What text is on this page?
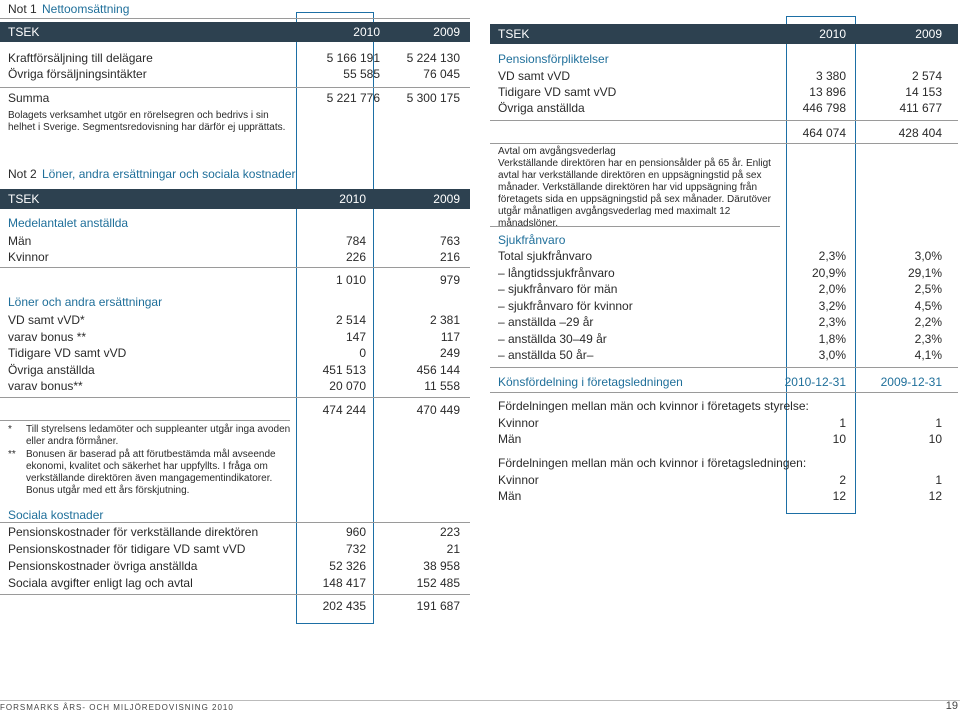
Not 1 Nettoomsättning
TSEK	2010	2009
Kraftförsäljning till delägare	5 166 191	5 224 130
Övriga försäljningsintäkter	55 585	76 045
Summa	5 221 776	5 300 175
Bolagets verksamhet utgör en rörelsegren och bedrivs i sin
helhet i Sverige. Segmentsredovisning har därför ej upprättats.
Not 2 Löner, andra ersättningar och sociala kostnader
TSEK	2010	2009
Medelantalet anställda
Män	784	763
Kvinnor	226	216
1 010	979
Löner och andra ersättningar
VD samt vVD*	2 514	2 381
varav bonus **	147	117
Tidigare VD samt vVD	0	249
Övriga anställda	451 513	456 144
varav bonus**	20 070	11 558
474 244	470 449
* Till styrelsens ledamöter och suppleanter utgår inga avoden
eller andra förmåner.
** Bonusen är baserad på att förutbestämda mål avseende
ekonomi, kvalitet och säkerhet har uppfyllts. I fråga om
verkställande direktören även mangagementindikatorer.
Bonus utgår med ett års förskjutning.
Sociala kostnader
Pensionskostnader för verkställande direktören	960	223
Pensionskostnader för tidigare VD samt vVD	732	21
Pensionskostnader övriga anställda	52 326	38 958
Sociala avgifter enligt lag och avtal	148 417	152 485
202 435	191 687
TSEK	2010	2009
Pensionsförpliktelser
VD samt vVD	3 380	2 574
Tidigare VD samt vVD	13 896	14 153
Övriga anställda	446 798	411 677
464 074	428 404
Avtal om avgångsvederlag
Verkställande direktören har en pensionsålder på 65 år. Enligt
avtal har verkställande direktören en uppsägningstid på sex
månader. Verkställande direktören har vid uppsägning från
företagets sida en uppsägningstid på sex månader. Därutöver
utgår månatligen avgångsvederlag med maximalt 12 månadslöner.
Sjukfrånvaro
Total sjukfrånvaro	2,3%	3,0%
– långtidssjukfrånvaro	20,9%	29,1%
– sjukfrånvaro för män	2,0%	2,5%
– sjukfrånvaro för kvinnor	3,2%	4,5%
– anställda –29 år	2,3%	2,2%
– anställda 30–49 år	1,8%	2,3%
– anställda 50 år–	3,0%	4,1%
Könsfördelning i företagsledningen	2010-12-31	2009-12-31
Fördelningen mellan män och kvinnor i företagets styrelse:
Kvinnor	1	1
Män	10	10
Fördelningen mellan män och kvinnor i företagsledningen:
Kvinnor	2	1
Män	12	12
FORSMARKS ÅRS- OCH MILJÖREDOVISNING 2010	19
